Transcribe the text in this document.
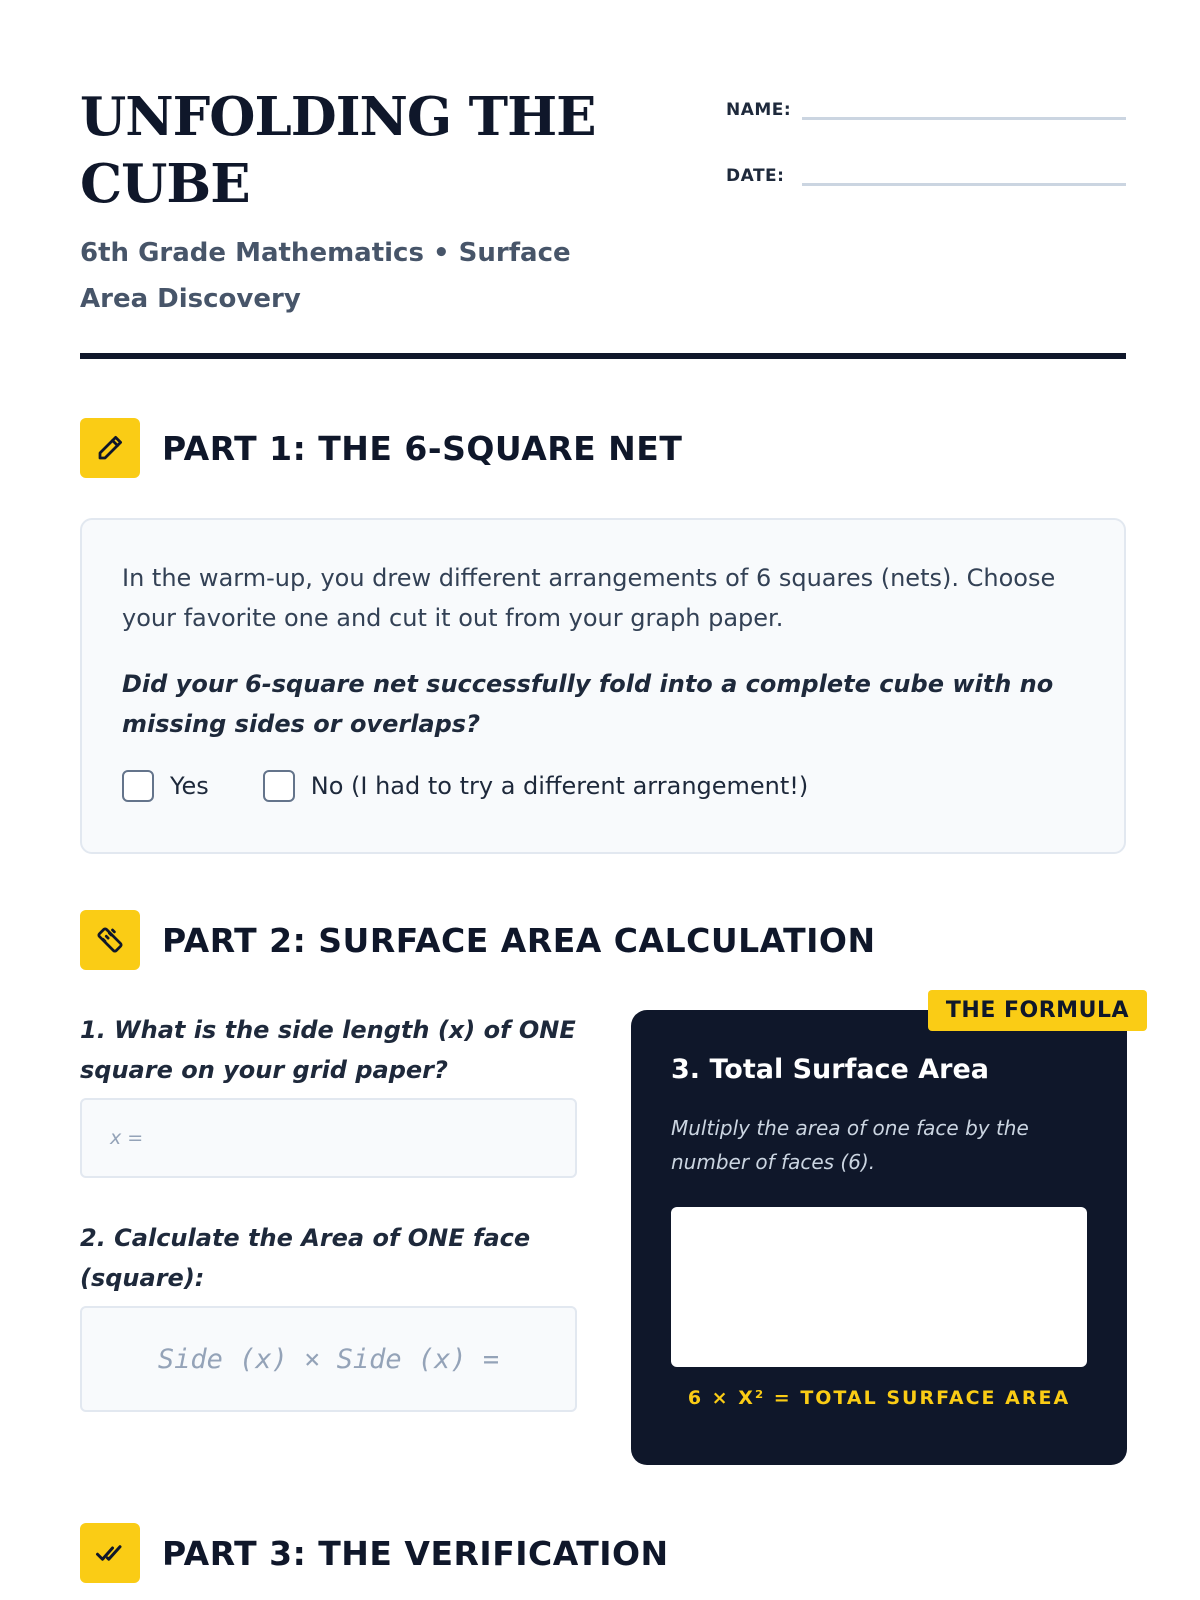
UNFOLDING THE CUBE
6th Grade Mathematics • Surface Area Discovery
NAME:
DATE:
PART 1: THE 6-SQUARE NET
In the warm-up, you drew different arrangements of 6 squares (nets). Choose your favorite one and cut it out from your graph paper.
Did your 6-square net successfully fold into a complete cube with no missing sides or overlaps?
Yes	No (I had to try a different arrangement!)
PART 2: SURFACE AREA CALCULATION
1. What is the side length (x) of ONE square on your grid paper?
x =
2. Calculate the Area of ONE face (square):
Side (x) × Side (x) =
THE FORMULA
3. Total Surface Area
Multiply the area of one face by the number of faces (6).
6 × X² = TOTAL SURFACE AREA
PART 3: THE VERIFICATION
